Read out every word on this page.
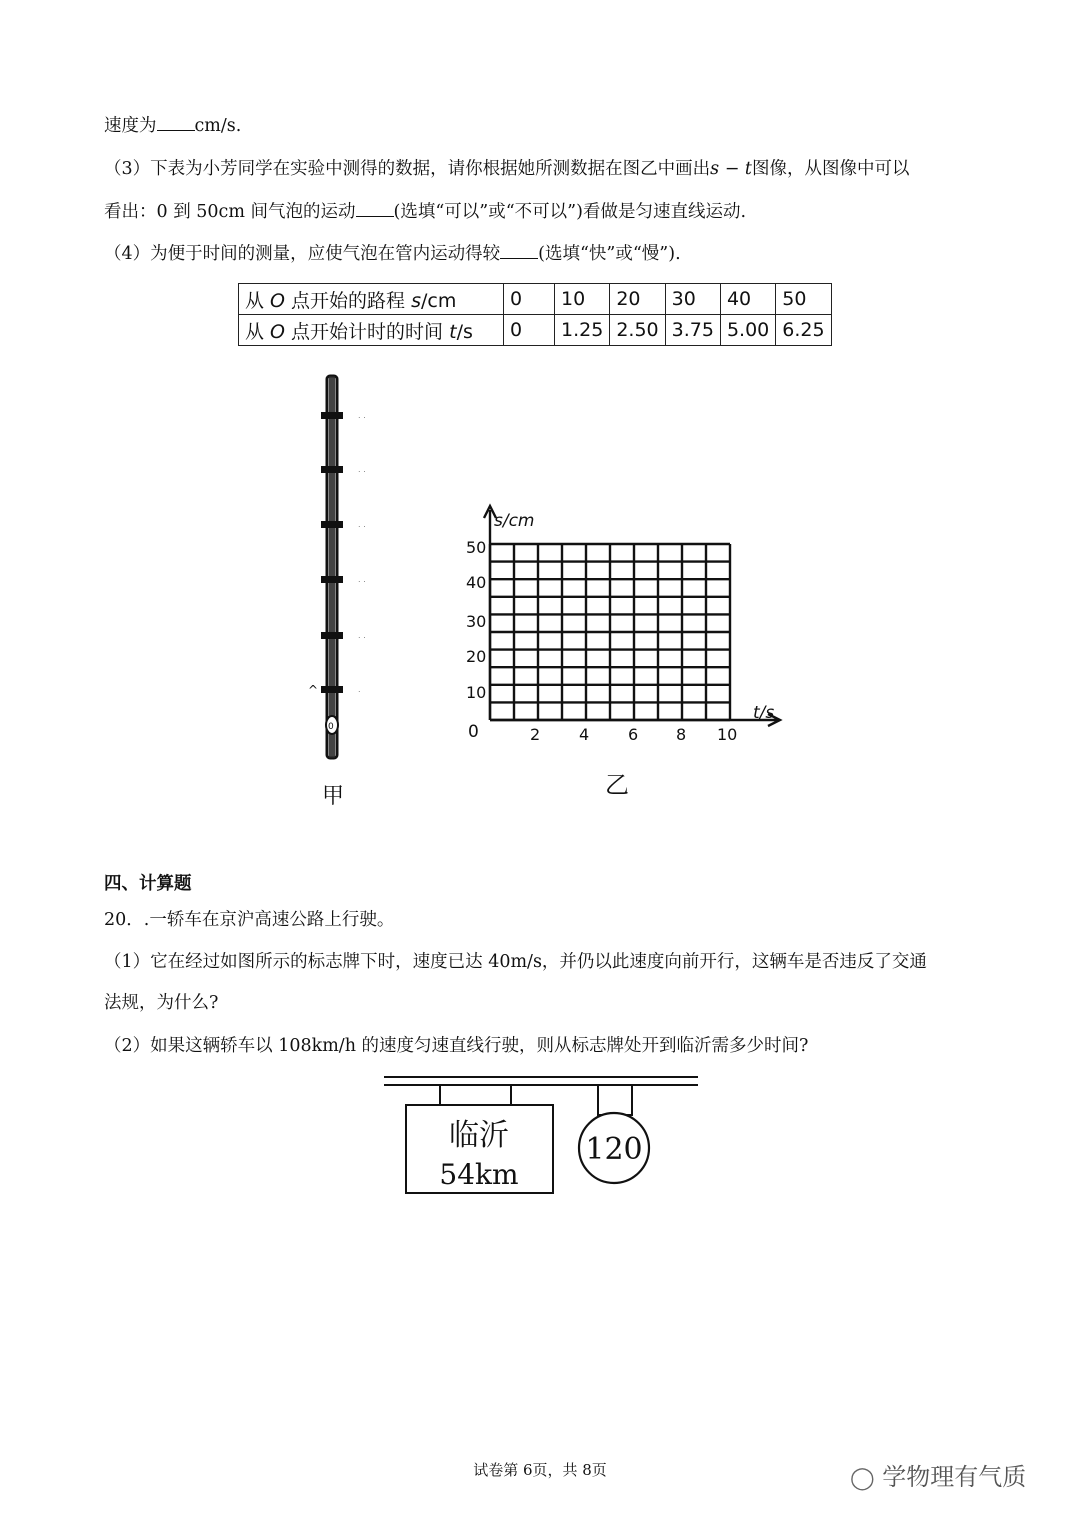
速度为 cm/s.
（3）下表为小芳同学在实验中测得的数据，请你根据她所测数据在图乙中画出s − t图像，从图像中可以
看出：0 到 50cm 间气泡的运动 (选填“可以”或“不可以”)看做是匀速直线运动.
（4）为便于时间的测量，应使气泡在管内运动得较 (选填“快”或“慢”).
从 O 点开始的路程 s/cm	0	10	20	30	40	50
从 O 点开始计时的时间 t/s	0	1.25	2.50	3.75	5.00	6.25
. .
. .
. .
. .
. .
.
^
0
甲
s/cm
t/s
0
50
40
30
20
10
2 4 6 8 10
乙
四、计算题
20．.一轿车在京沪高速公路上行驶。
（1）它在经过如图所示的标志牌下时，速度已达 40m/s，并仍以此速度向前开行，这辆车是否违反了交通
法规，为什么?
（2）如果这辆轿车以 108km/h 的速度匀速直线行驶，则从标志牌处开到临沂需多少时间?
临沂
54km
120
试卷第 6页，共 8页	◯ 学物理有气质
